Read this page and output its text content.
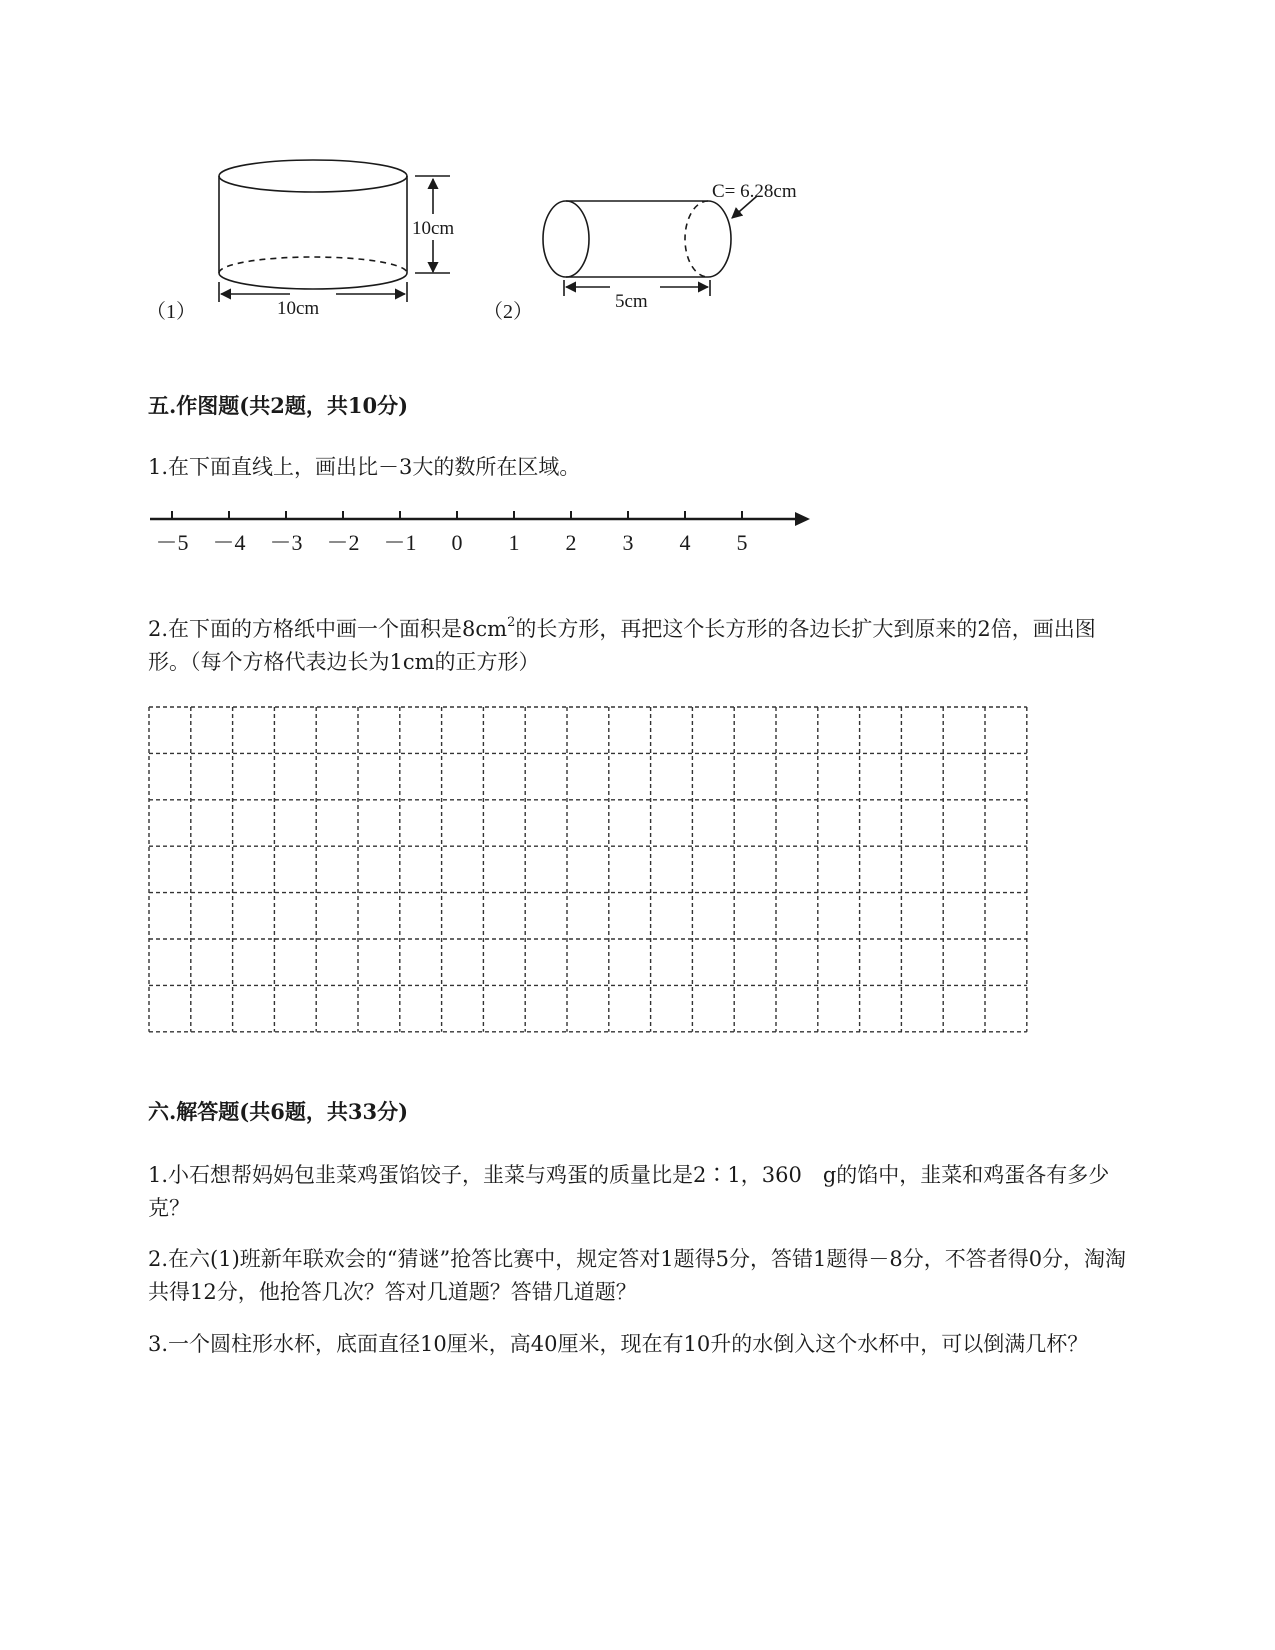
（1）
10cm
10cm	（2）
C= 6.28cm
5cm
五.作图题(共2题，共10分)
1.在下面直线上，画出比－3大的数所在区域。
－5 －4 －3 －2 －1 0 1 2 3 4 5
2.在下面的方格纸中画一个面积是$8cm^2$的长方形，再把这个长方形的各边长扩大到原来的2倍，画出图形。（每个方格代表边长为1cm的正方形）
六.解答题(共6题，共33分)
1.小石想帮妈妈包韭菜鸡蛋馅饺子，韭菜与鸡蛋的质量比是2∶1，360　g的馅中，韭菜和鸡蛋各有多少克？
2.在六(1)班新年联欢会的“猜谜”抢答比赛中，规定答对1题得5分，答错1题得－8分，不答者得0分，淘淘共得12分，他抢答几次？答对几道题？答错几道题？
3.一个圆柱形水杯，底面直径10厘米，高40厘米，现在有10升的水倒入这个水杯中，可以倒满几杯？
